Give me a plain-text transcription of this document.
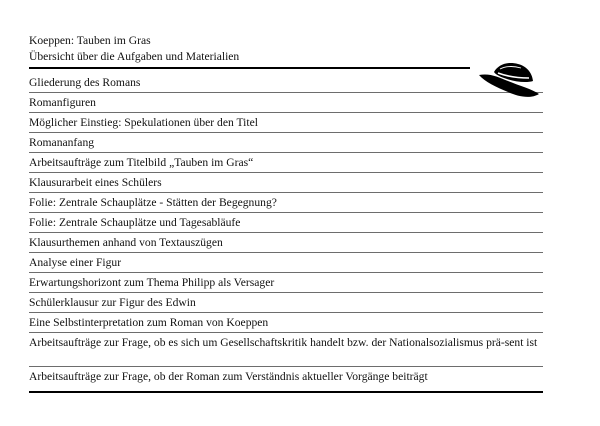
Koeppen: Tauben im Gras
Übersicht über die Aufgaben und Materialien
Gliederung des Romans
Romanfiguren
Möglicher Einstieg: Spekulationen über den Titel
Romananfang
Arbeitsaufträge zum Titelbild „Tauben im Gras“
Klausurarbeit eines Schülers
Folie: Zentrale Schauplätze - Stätten der Begegnung?
Folie: Zentrale Schauplätze und Tagesabläufe
Klausurthemen anhand von Textauszügen
Analyse einer Figur
Erwartungshorizont zum Thema Philipp als Versager
Schülerklausur zur Figur des Edwin
Eine Selbstinterpretation zum Roman von Koeppen
Arbeitsaufträge zur Frage, ob es sich um Gesellschaftskritik handelt bzw. der Nationalsozialismus prä-sent ist
Arbeitsaufträge zur Frage, ob der Roman zum Verständnis aktueller Vorgänge beiträgt
